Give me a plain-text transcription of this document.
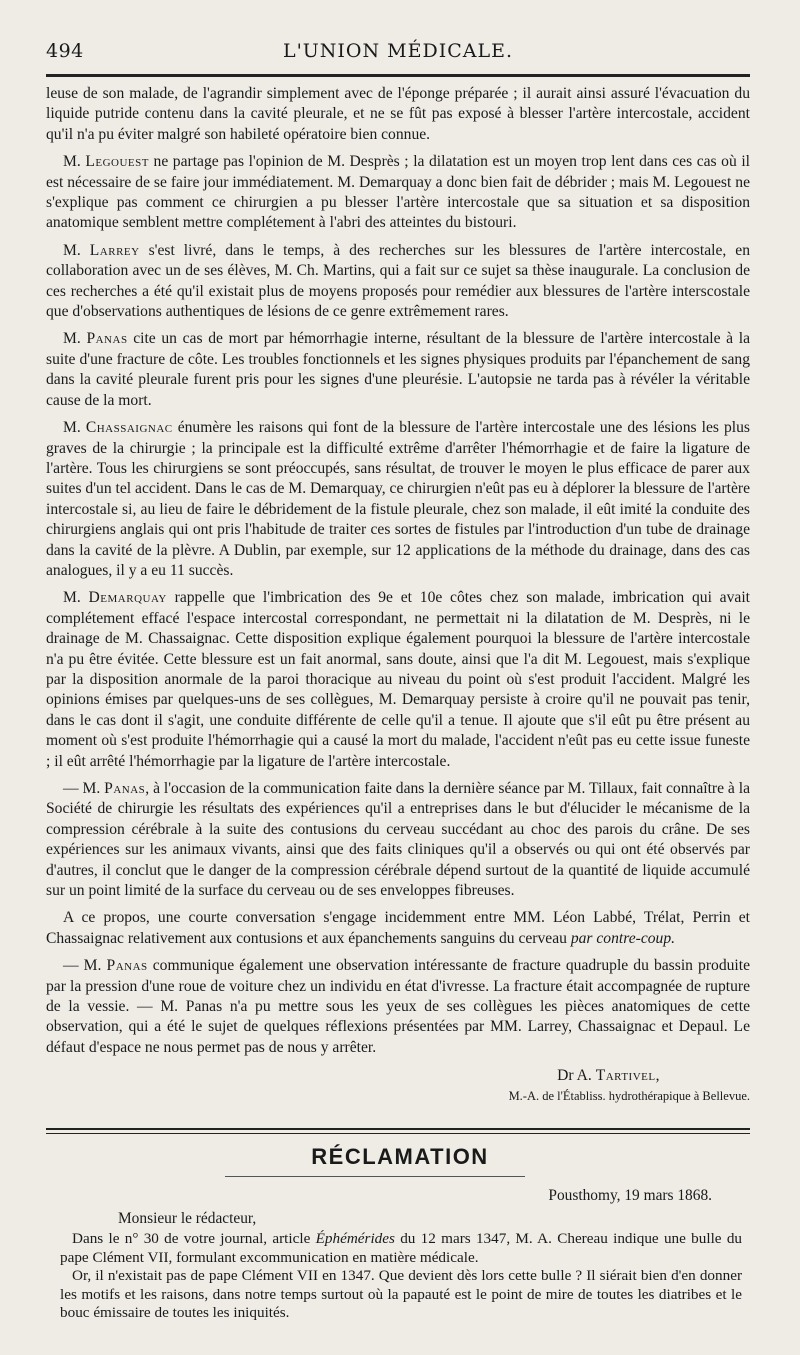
494	L'UNION MÉDICALE.

leuse de son malade, de l'agrandir simplement avec de l'éponge préparée ; il aurait ainsi assuré l'évacuation du liquide putride contenu dans la cavité pleurale, et ne se fût pas exposé à blesser l'artère intercostale, accident qu'il n'a pu éviter malgré son habileté opératoire bien connue.

M. Legouest ne partage pas l'opinion de M. Desprès ; la dilatation est un moyen trop lent dans ces cas où il est nécessaire de se faire jour immédiatement. M. Demarquay a donc bien fait de débrider ; mais M. Legouest ne s'explique pas comment ce chirurgien a pu blesser l'artère intercostale que sa situation et sa disposition anatomique semblent mettre complétement à l'abri des atteintes du bistouri.

M. Larrey s'est livré, dans le temps, à des recherches sur les blessures de l'artère intercostale, en collaboration avec un de ses élèves, M. Ch. Martins, qui a fait sur ce sujet sa thèse inaugurale. La conclusion de ces recherches a été qu'il existait plus de moyens proposés pour remédier aux blessures de l'artère interscostale que d'observations authentiques de lésions de ce genre extrêmement rares.

M. Panas cite un cas de mort par hémorrhagie interne, résultant de la blessure de l'artère intercostale à la suite d'une fracture de côte. Les troubles fonctionnels et les signes physiques produits par l'épanchement de sang dans la cavité pleurale furent pris pour les signes d'une pleurésie. L'autopsie ne tarda pas à révéler la véritable cause de la mort.

M. Chassaignac énumère les raisons qui font de la blessure de l'artère intercostale une des lésions les plus graves de la chirurgie ; la principale est la difficulté extrême d'arrêter l'hémorrhagie et de faire la ligature de l'artère. Tous les chirurgiens se sont préoccupés, sans résultat, de trouver le moyen le plus efficace de parer aux suites d'un tel accident. Dans le cas de M. Demarquay, ce chirurgien n'eût pas eu à déplorer la blessure de l'artère intercostale si, au lieu de faire le débridement de la fistule pleurale, chez son malade, il eût imité la conduite des chirurgiens anglais qui ont pris l'habitude de traiter ces sortes de fistules par l'introduction d'un tube de drainage dans la cavité de la plèvre. A Dublin, par exemple, sur 12 applications de la méthode du drainage, dans des cas analogues, il y a eu 11 succès.

M. Demarquay rappelle que l'imbrication des 9e et 10e côtes chez son malade, imbrication qui avait complétement effacé l'espace intercostal correspondant, ne permettait ni la dilatation de M. Desprès, ni le drainage de M. Chassaignac. Cette disposition explique également pourquoi la blessure de l'artère intercostale n'a pu être évitée. Cette blessure est un fait anormal, sans doute, ainsi que l'a dit M. Legouest, mais s'explique par la disposition anormale de la paroi thoracique au niveau du point où s'est produit l'accident. Malgré les opinions émises par quelques-uns de ses collègues, M. Demarquay persiste à croire qu'il ne pouvait pas tenir, dans le cas dont il s'agit, une conduite différente de celle qu'il a tenue. Il ajoute que s'il eût pu être présent au moment où s'est produite l'hémorrhagie qui a causé la mort du malade, l'accident n'eût pas eu cette issue funeste ; il eût arrêté l'hémorrhagie par la ligature de l'artère intercostale.

— M. Panas, à l'occasion de la communication faite dans la dernière séance par M. Tillaux, fait connaître à la Société de chirurgie les résultats des expériences qu'il a entreprises dans le but d'élucider le mécanisme de la compression cérébrale à la suite des contusions du cerveau succédant au choc des parois du crâne. De ses expériences sur les animaux vivants, ainsi que des faits cliniques qu'il a observés ou qui ont été observés par d'autres, il conclut que le danger de la compression cérébrale dépend surtout de la quantité de liquide accumulé sur un point limité de la surface du cerveau ou de ses enveloppes fibreuses.

A ce propos, une courte conversation s'engage incidemment entre MM. Léon Labbé, Trélat, Perrin et Chassaignac relativement aux contusions et aux épanchements sanguins du cerveau par contre-coup.

— M. Panas communique également une observation intéressante de fracture quadruple du bassin produite par la pression d'une roue de voiture chez un individu en état d'ivresse. La fracture était accompagnée de rupture de la vessie. — M. Panas n'a pu mettre sous les yeux de ses collègues les pièces anatomiques de cette observation, qui a été le sujet de quelques réflexions présentées par MM. Larrey, Chassaignac et Depaul. Le défaut d'espace ne nous permet pas de nous y arrêter.

Dr A. Tartivel,
M.-A. de l'Établiss. hydrothérapique à Bellevue.
RÉCLAMATION
Pousthomy, 19 mars 1868.
Monsieur le rédacteur,

Dans le n° 30 de votre journal, article Éphémérides du 12 mars 1347, M. A. Chereau indique une bulle du pape Clément VII, formulant excommunication en matière médicale.

Or, il n'existait pas de pape Clément VII en 1347. Que devient dès lors cette bulle ? Il siérait bien d'en donner les motifs et les raisons, dans notre temps surtout où la papauté est le point de mire de toutes les diatribes et le bouc émissaire de toutes les iniquités.
